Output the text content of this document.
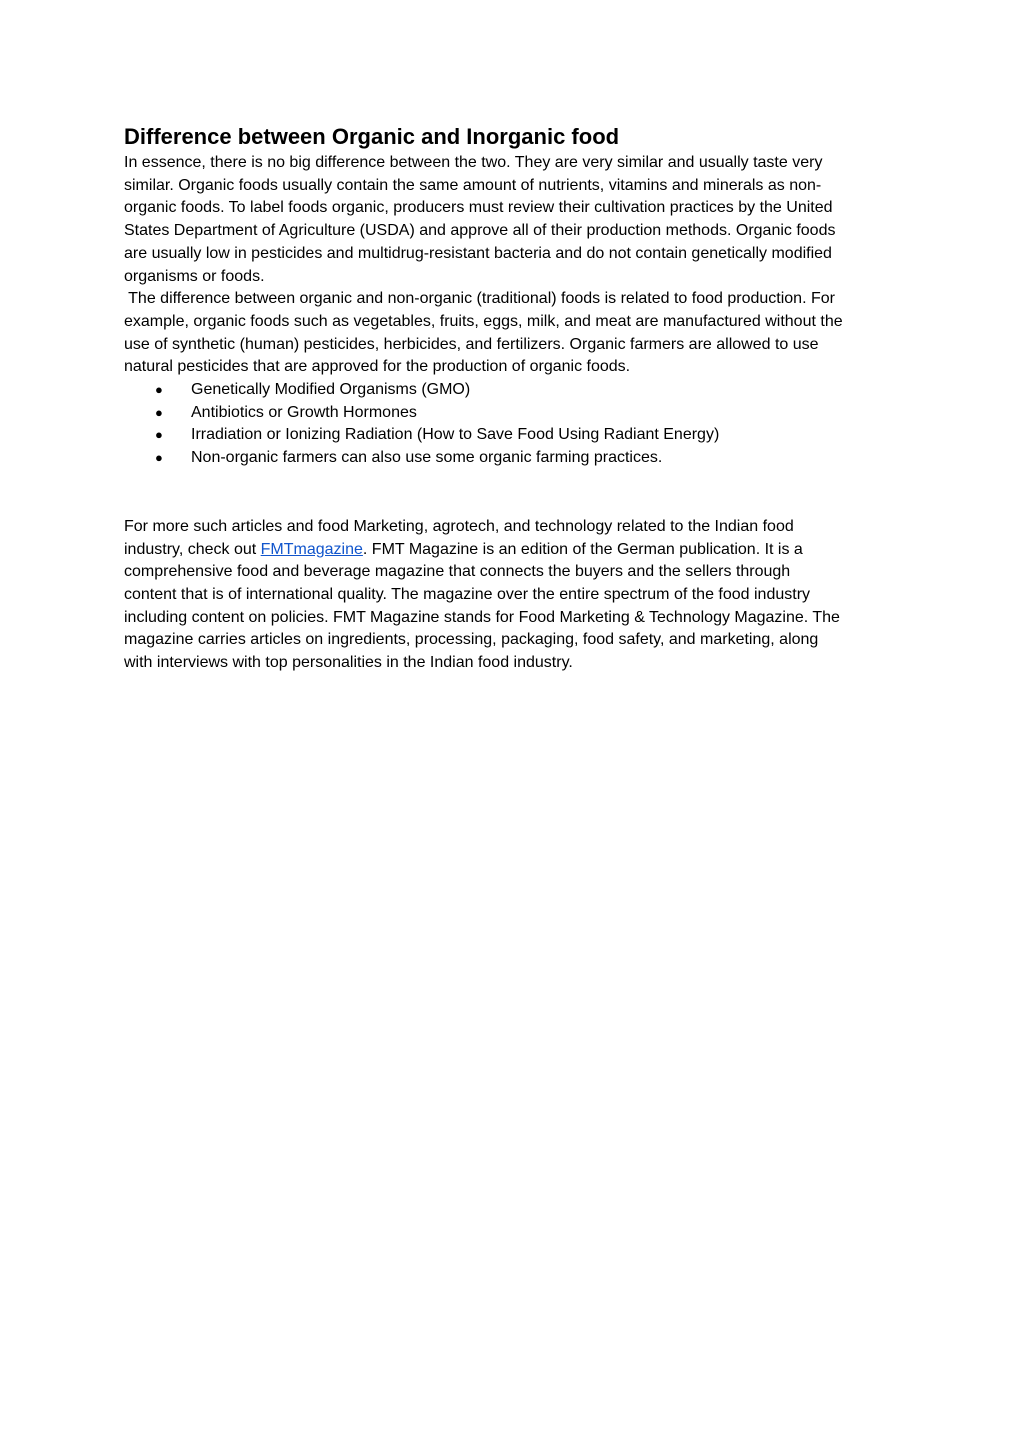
Difference between Organic and Inorganic food

In essence, there is no big difference between the two. They are very similar and usually taste very
similar. Organic foods usually contain the same amount of nutrients, vitamins and minerals as non-
organic foods. To label foods organic, producers must review their cultivation practices by the United
States Department of Agriculture (USDA) and approve all of their production methods. Organic foods
are usually low in pesticides and multidrug-resistant bacteria and do not contain genetically modified
organisms or foods.

The difference between organic and non-organic (traditional) foods is related to food production. For
example, organic foods such as vegetables, fruits, eggs, milk, and meat are manufactured without the
use of synthetic (human) pesticides, herbicides, and fertilizers. Organic farmers are allowed to use
natural pesticides that are approved for the production of organic foods.

● Genetically Modified Organisms (GMO)
● Antibiotics or Growth Hormones
● Irradiation or Ionizing Radiation (How to Save Food Using Radiant Energy)
● Non-organic farmers can also use some organic farming practices.

For more such articles and food Marketing, agrotech, and technology related to the Indian food
industry, check out FMTmagazine. FMT Magazine is an edition of the German publication. It is a
comprehensive food and beverage magazine that connects the buyers and the sellers through
content that is of international quality. The magazine over the entire spectrum of the food industry
including content on policies. FMT Magazine stands for Food Marketing & Technology Magazine. The
magazine carries articles on ingredients, processing, packaging, food safety, and marketing, along
with interviews with top personalities in the Indian food industry.
